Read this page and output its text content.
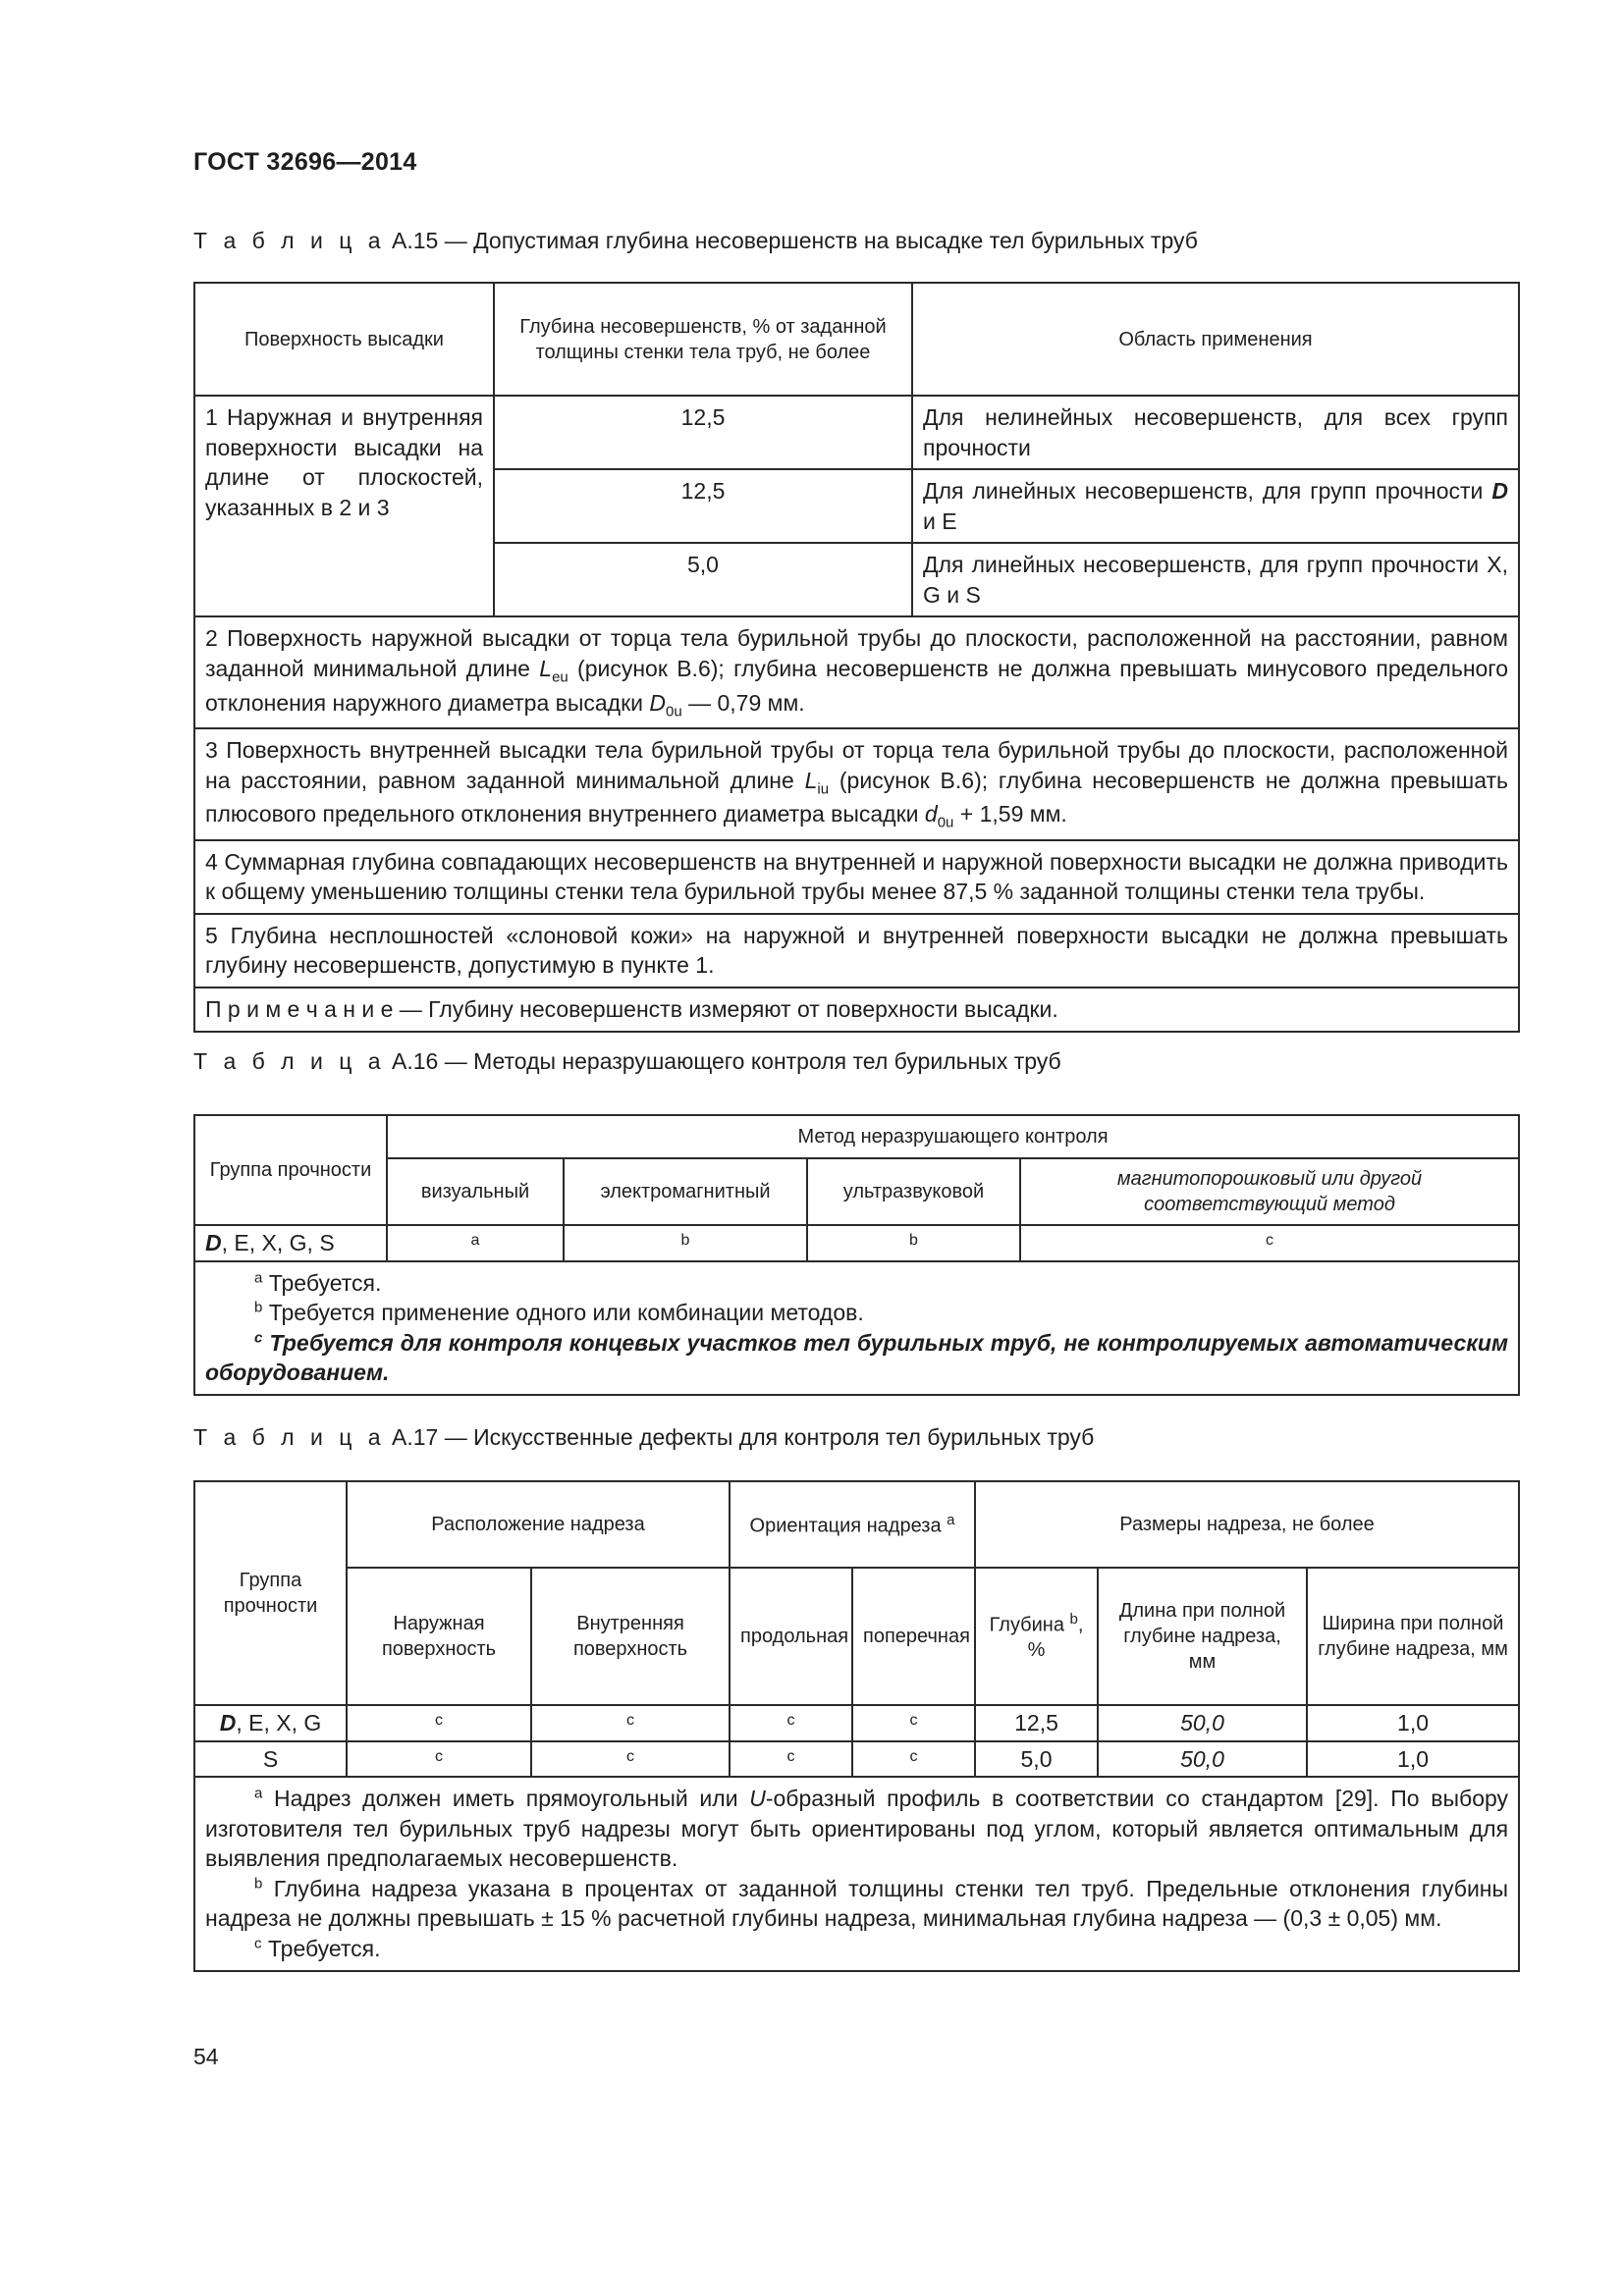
ГОСТ 32696—2014
Т а б л и ц а А.15 — Допустимая глубина несовершенств на высадке тел бурильных труб
Поверхность высадки	Глубина несовершенств, % от заданной толщины стенки тела труб, не более	Область применения
1 Наружная и внутренняя поверхности высадки на длине от плоскостей, указанных в 2 и 3	12,5	Для нелинейных несовершенств, для всех групп прочности
	12,5	Для линейных несовершенств, для групп прочности D и Е
	5,0	Для линейных несовершенств, для групп прочности X, G и S
2 Поверхность наружной высадки от торца тела бурильной трубы до плоскости, расположенной на расстоянии, равном заданной минимальной длине $L_{eu}$ (рисунок В.6); глубина несовершенств не должна превышать минусового предельного отклонения наружного диаметра высадки $D_{0u}$ — 0,79 мм.		
3 Поверхность внутренней высадки тела бурильной трубы от торца тела бурильной трубы до плоскости, расположенной на расстоянии, равном заданной минимальной длине $L_{iu}$ (рисунок В.6); глубина несовершенств не должна превышать плюсового предельного отклонения внутреннего диаметра высадки $d_{0u} + 1,59$ мм.		
4 Суммарная глубина совпадающих несовершенств на внутренней и наружной поверхности высадки не должна приводить к общему уменьшению толщины стенки тела бурильной трубы менее 87,5 % заданной толщины стенки тела трубы.		
5 Глубина несплошностей «слоновой кожи» на наружной и внутренней поверхности высадки не должна превышать глубину несовершенств, допустимую в пункте 1.		
П р и м е ч а н и е — Глубину несовершенств измеряют от поверхности высадки.		
Т а б л и ц а А.16 — Методы неразрушающего контроля тел бурильных труб
Группа прочности	Метод неразрушающего контроля			
	визуальный	электромагнитный	ультразвуковой	магнитопорошковый или другой соответствующий метод
D, E, X, G, S	a	b	b	c

$^a$ Требуется.
$^b$ Требуется применение одного или комбинации методов.
$^c$ Требуется для контроля концевых участков тел бурильных труб, не контролируемых автоматическим оборудованием.				
Т а б л и ц а А.17 — Искусственные дефекты для контроля тел бурильных труб
Группа прочности	Расположение надреза		Ориентация надреза $^a$		Размеры надреза, не более		
	Наружная поверхность	Внутренняя поверхность	продольная	поперечная	Глубина $^b$, %	Длина при полной глубине надреза, мм	Ширина при полной глубине надреза, мм
D, E, X, G	c	c	c	c	12,5	50,0	1,0
S	c	c	c	c	5,0	50,0	1,0

$^a$ Надрез должен иметь прямоугольный или U-образный профиль в соответствии со стандартом [29]. По выбору изготовителя тел бурильных труб надрезы могут быть ориентированы под углом, который является оптимальным для выявления предполагаемых несовершенств.
$^b$ Глубина надреза указана в процентах от заданной толщины стенки тел труб. Предельные отклонения глубины надреза не должны превышать ± 15 % расчетной глубины надреза, минимальная глубина надреза — (0,3 ± 0,05) мм.
$^c$ Требуется.							
54
